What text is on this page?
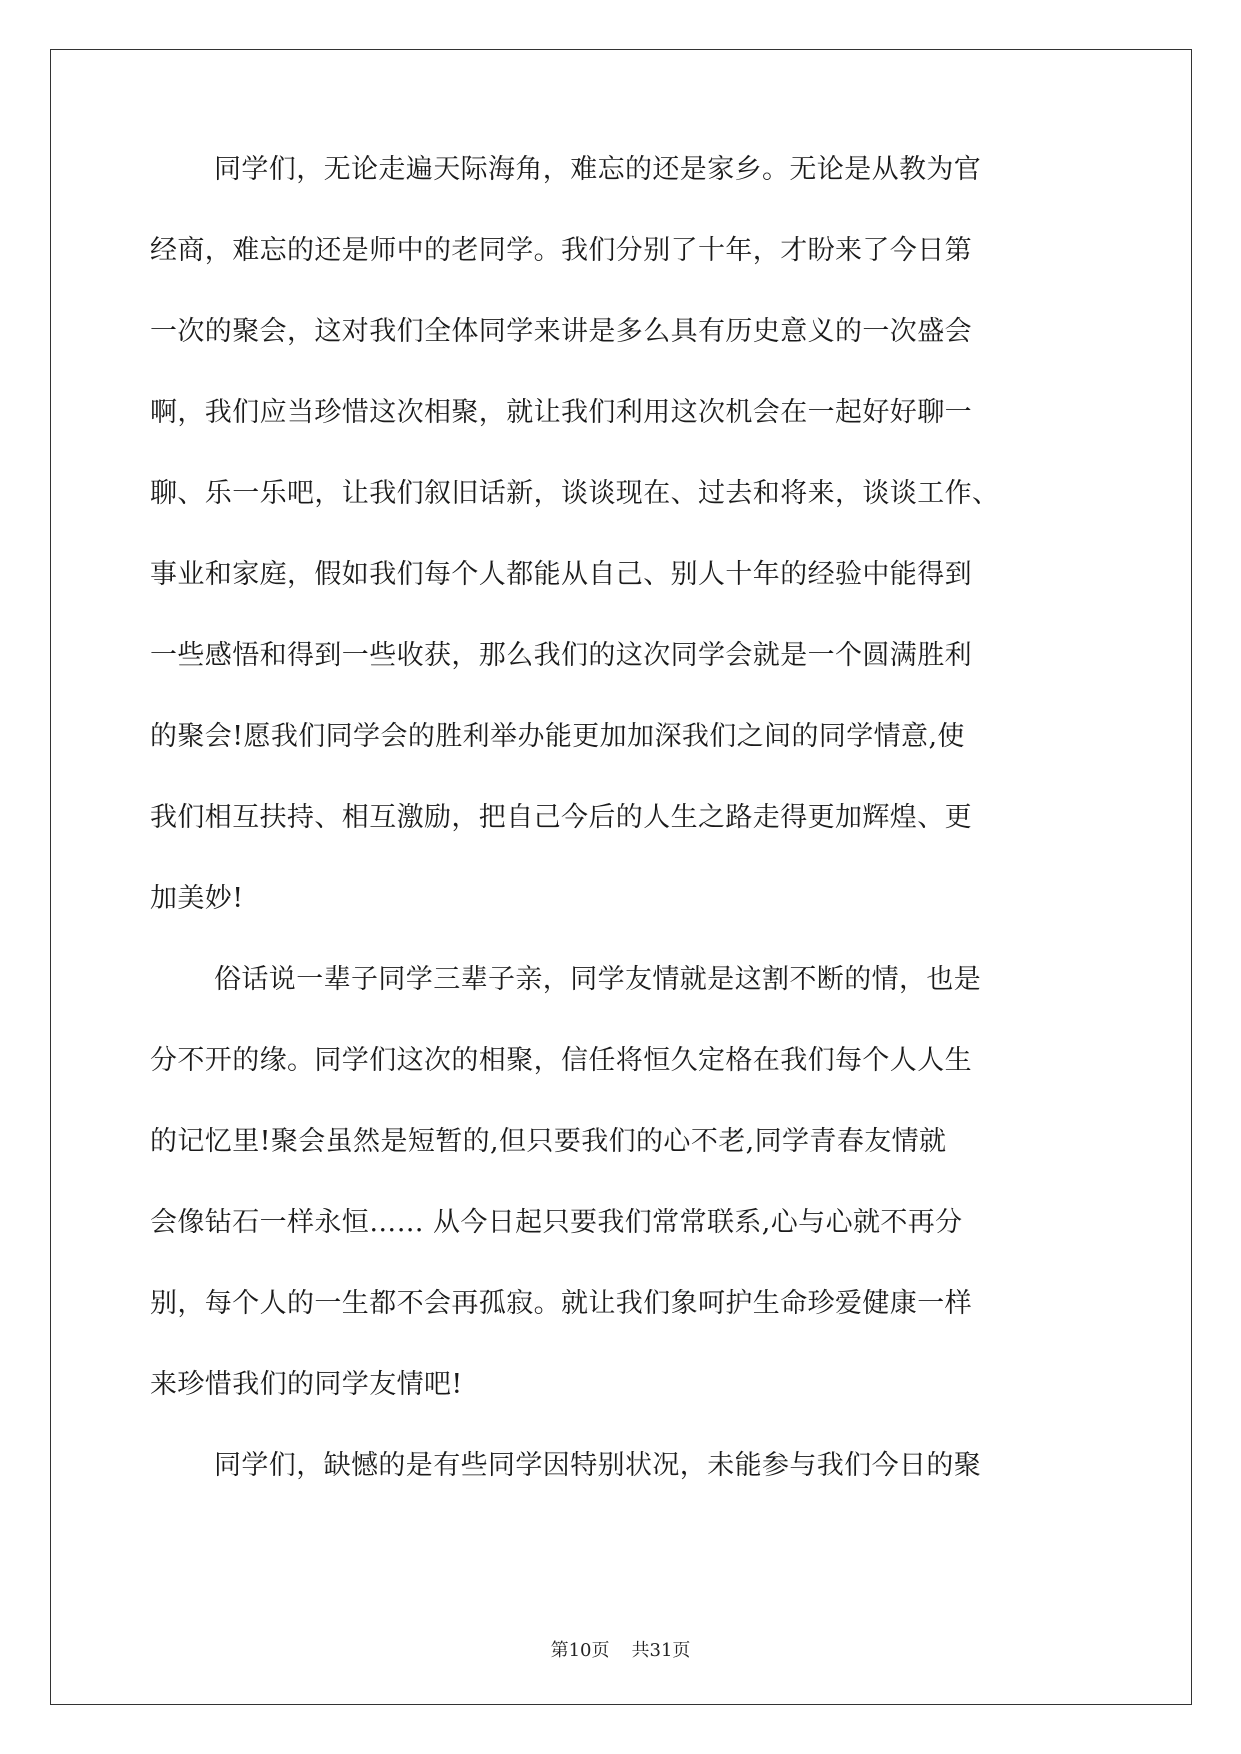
同学们，无论走遍天际海角，难忘的还是家乡。无论是从教为官
经商，难忘的还是师中的老同学。我们分别了十年，才盼来了今日第
一次的聚会，这对我们全体同学来讲是多么具有历史意义的一次盛会
啊，我们应当珍惜这次相聚，就让我们利用这次机会在一起好好聊一
聊、乐一乐吧，让我们叙旧话新，谈谈现在、过去和将来，谈谈工作、
事业和家庭，假如我们每个人都能从自己、别人十年的经验中能得到
一些感悟和得到一些收获，那么我们的这次同学会就是一个圆满胜利
的聚会!愿我们同学会的胜利举办能更加加深我们之间的同学情意,使
我们相互扶持、相互激励，把自己今后的人生之路走得更加辉煌、更
加美妙!
俗话说一辈子同学三辈子亲，同学友情就是这割不断的情，也是
分不开的缘。同学们这次的相聚，信任将恒久定格在我们每个人人生
的记忆里!聚会虽然是短暂的,但只要我们的心不老,同学青春友情就
会像钻石一样永恒…… 从今日起只要我们常常联系,心与心就不再分
别，每个人的一生都不会再孤寂。就让我们象呵护生命珍爱健康一样
来珍惜我们的同学友情吧!
同学们，缺憾的是有些同学因特别状况，未能参与我们今日的聚
第10页 共31页
